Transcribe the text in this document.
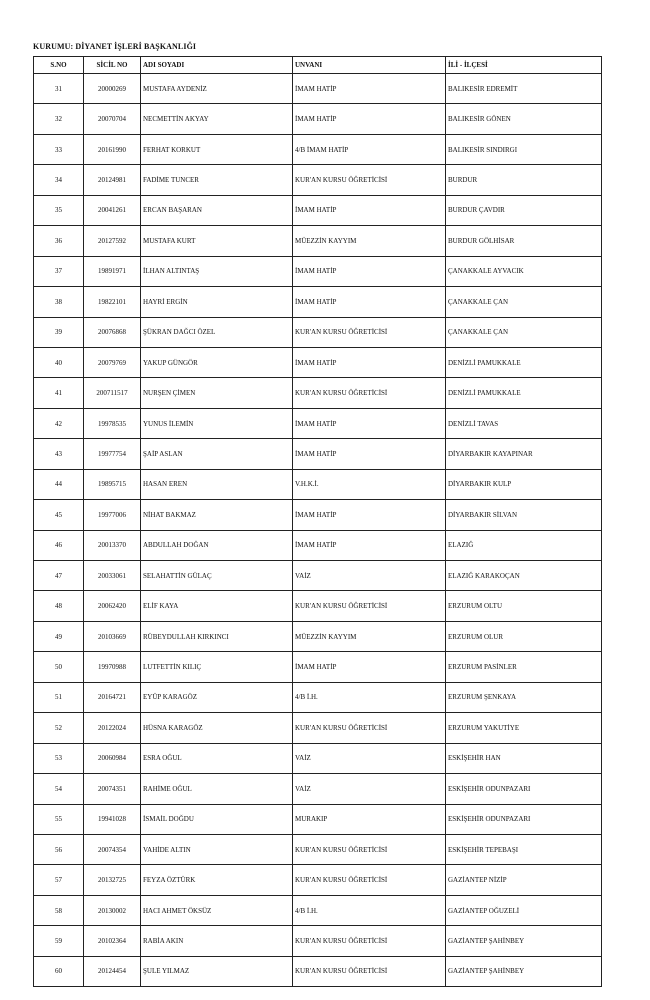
KURUMU: DİYANET İŞLERİ BAŞKANLIĞI
S.NO	SİCİL NO	ADI SOYADI	UNVANI	İLİ - İLÇESİ
31	20000269	MUSTAFA AYDENİZ	İMAM HATİP	BALIKESİR EDREMİT
32	20070704	NECMETTİN AKYAY	İMAM HATİP	BALIKESİR GÖNEN
33	20161990	FERHAT KORKUT	4/B İMAM HATİP	BALIKESİR SINDIRGI
34	20124981	FADİME TUNCER	KUR'AN KURSU ÖĞRETİCİSİ	BURDUR
35	20041261	ERCAN BAŞARAN	İMAM HATİP	BURDUR ÇAVDIR
36	20127592	MUSTAFA KURT	MÜEZZİN KAYYIM	BURDUR GÖLHİSAR
37	19891971	İLHAN ALTINTAŞ	İMAM HATİP	ÇANAKKALE AYVACIK
38	19822101	HAYRİ ERGİN	İMAM HATİP	ÇANAKKALE ÇAN
39	20076868	ŞÜKRAN DAĞCI ÖZEL	KUR'AN KURSU ÖĞRETİCİSİ	ÇANAKKALE ÇAN
40	20079769	YAKUP GÜNGÖR	İMAM HATİP	DENİZLİ PAMUKKALE
41	200711517	NURŞEN ÇİMEN	KUR'AN KURSU ÖĞRETİCİSİ	DENİZLİ PAMUKKALE
42	19978535	YUNUS İLEMİN	İMAM HATİP	DENİZLİ TAVAS
43	19977754	ŞAİP ASLAN	İMAM HATİP	DİYARBAKIR KAYAPINAR
44	19895715	HASAN EREN	V.H.K.İ.	DİYARBAKIR KULP
45	19977006	NİHAT BAKMAZ	İMAM HATİP	DİYARBAKIR SİLVAN
46	20013370	ABDULLAH DOĞAN	İMAM HATİP	ELAZIĞ
47	20033061	SELAHATTİN GÜLAÇ	VAİZ	ELAZIĞ KARAKOÇAN
48	20062420	ELİF KAYA	KUR'AN KURSU ÖĞRETİCİSİ	ERZURUM OLTU
49	20103669	RÜBEYDULLAH KIRKINCI	MÜEZZİN KAYYIM	ERZURUM OLUR
50	19970988	LUTFETTİN KILIÇ	İMAM HATİP	ERZURUM PASİNLER
51	20164721	EYÜP KARAGÖZ	4/B İ.H.	ERZURUM ŞENKAYA
52	20122024	HÜSNA KARAGÖZ	KUR'AN KURSU ÖĞRETİCİSİ	ERZURUM YAKUTİYE
53	20060984	ESRA OĞUL	VAİZ	ESKİŞEHİR HAN
54	20074351	RAHİME OĞUL	VAİZ	ESKİŞEHİR ODUNPAZARI
55	19941028	İSMAİL DOĞDU	MURAKIP	ESKİŞEHİR ODUNPAZARI
56	20074354	VAHİDE ALTIN	KUR'AN KURSU ÖĞRETİCİSİ	ESKİŞEHİR TEPEBAŞI
57	20132725	FEYZA ÖZTÜRK	KUR'AN KURSU ÖĞRETİCİSİ	GAZİANTEP NİZİP
58	20130002	HACI AHMET ÖKSÜZ	4/B İ.H.	GAZİANTEP OĞUZELİ
59	20102364	RABİA AKIN	KUR'AN KURSU ÖĞRETİCİSİ	GAZİANTEP ŞAHİNBEY
60	20124454	ŞULE YILMAZ	KUR'AN KURSU ÖĞRETİCİSİ	GAZİANTEP ŞAHİNBEY
